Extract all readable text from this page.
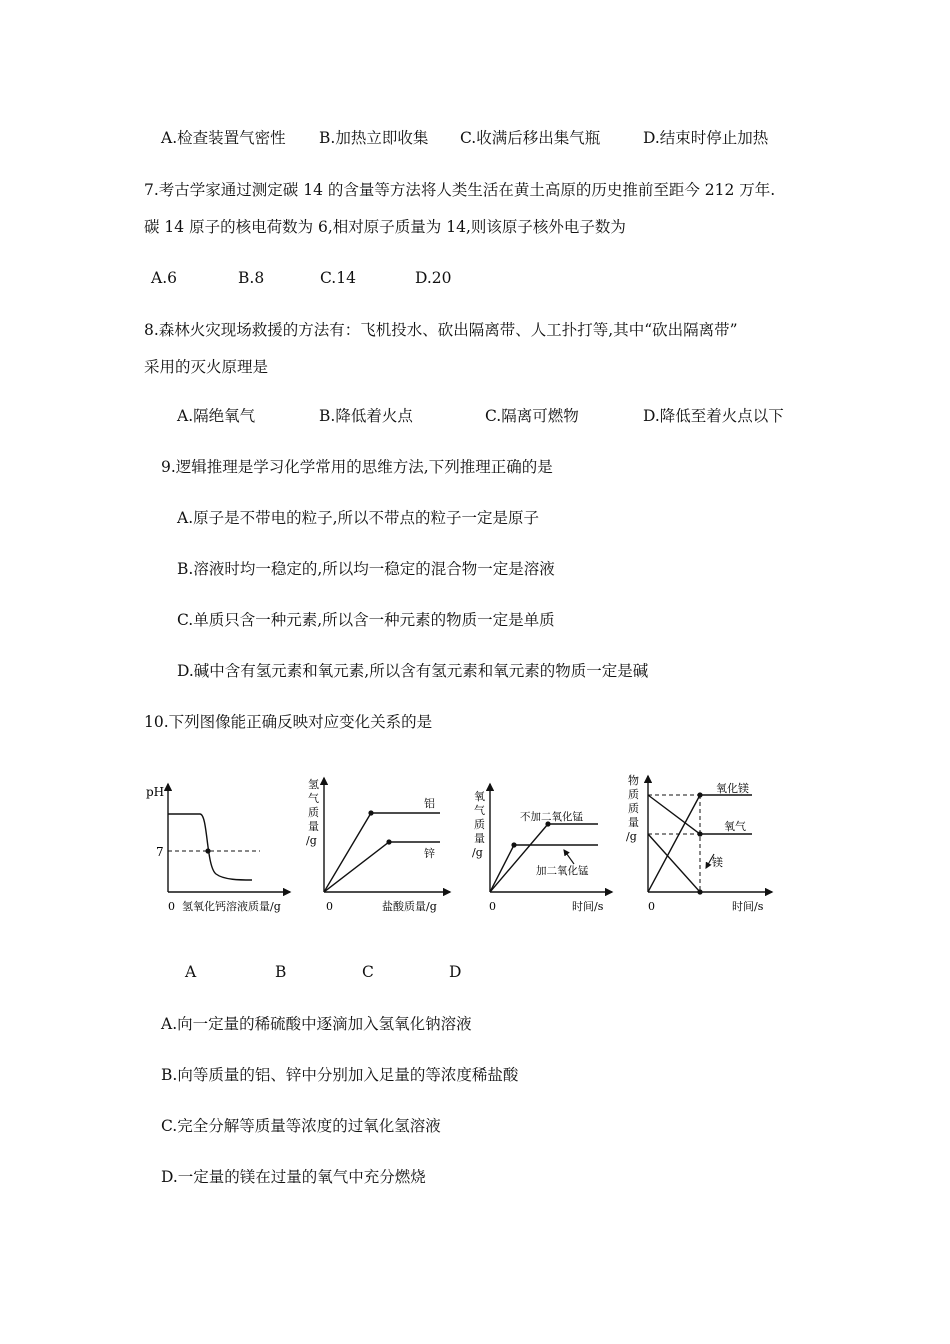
A.检查装置气密性 B.加热立即收集 C.收满后移出集气瓶	D.结束时停止加热
7.考古学家通过测定碳 14 的含量等方法将人类生活在黄土高原的历史推前至距今 212 万年.
碳 14 原子的核电荷数为 6,相对原子质量为 14,则该原子核外电子数为
A.6	B.8	C.14	D.20
8.森林火灾现场救援的方法有：飞机投水、砍出隔离带、人工扑打等,其中“砍出隔离带”
采用的灭火原理是
A.隔绝氧气	B.降低着火点	C.隔离可燃物	D.降低至着火点以下
9.逻辑推理是学习化学常用的思维方法,下列推理正确的是
A.原子是不带电的粒子,所以不带点的粒子一定是原子
B.溶液时均一稳定的,所以均一稳定的混合物一定是溶液
C.单质只含一种元素,所以含一种元素的物质一定是单质
D.碱中含有氢元素和氧元素,所以含有氢元素和氧元素的物质一定是碱
10.下列图像能正确反映对应变化关系的是
pH
7
0 氢氧化钙溶液质量/g
氢
气
质
量
/g
铝
锌
0	盐酸质量/g
氧
气
质
量
/g
不加二氧化锰
加二氧化锰
0	时间/s
物
质
质
量
/g
氧化镁
氧气
镁
0	时间/s
A	B	C	D
A.向一定量的稀硫酸中逐滴加入氢氧化钠溶液
B.向等质量的铝、锌中分别加入足量的等浓度稀盐酸
C.完全分解等质量等浓度的过氧化氢溶液
D.一定量的镁在过量的氧气中充分燃烧
